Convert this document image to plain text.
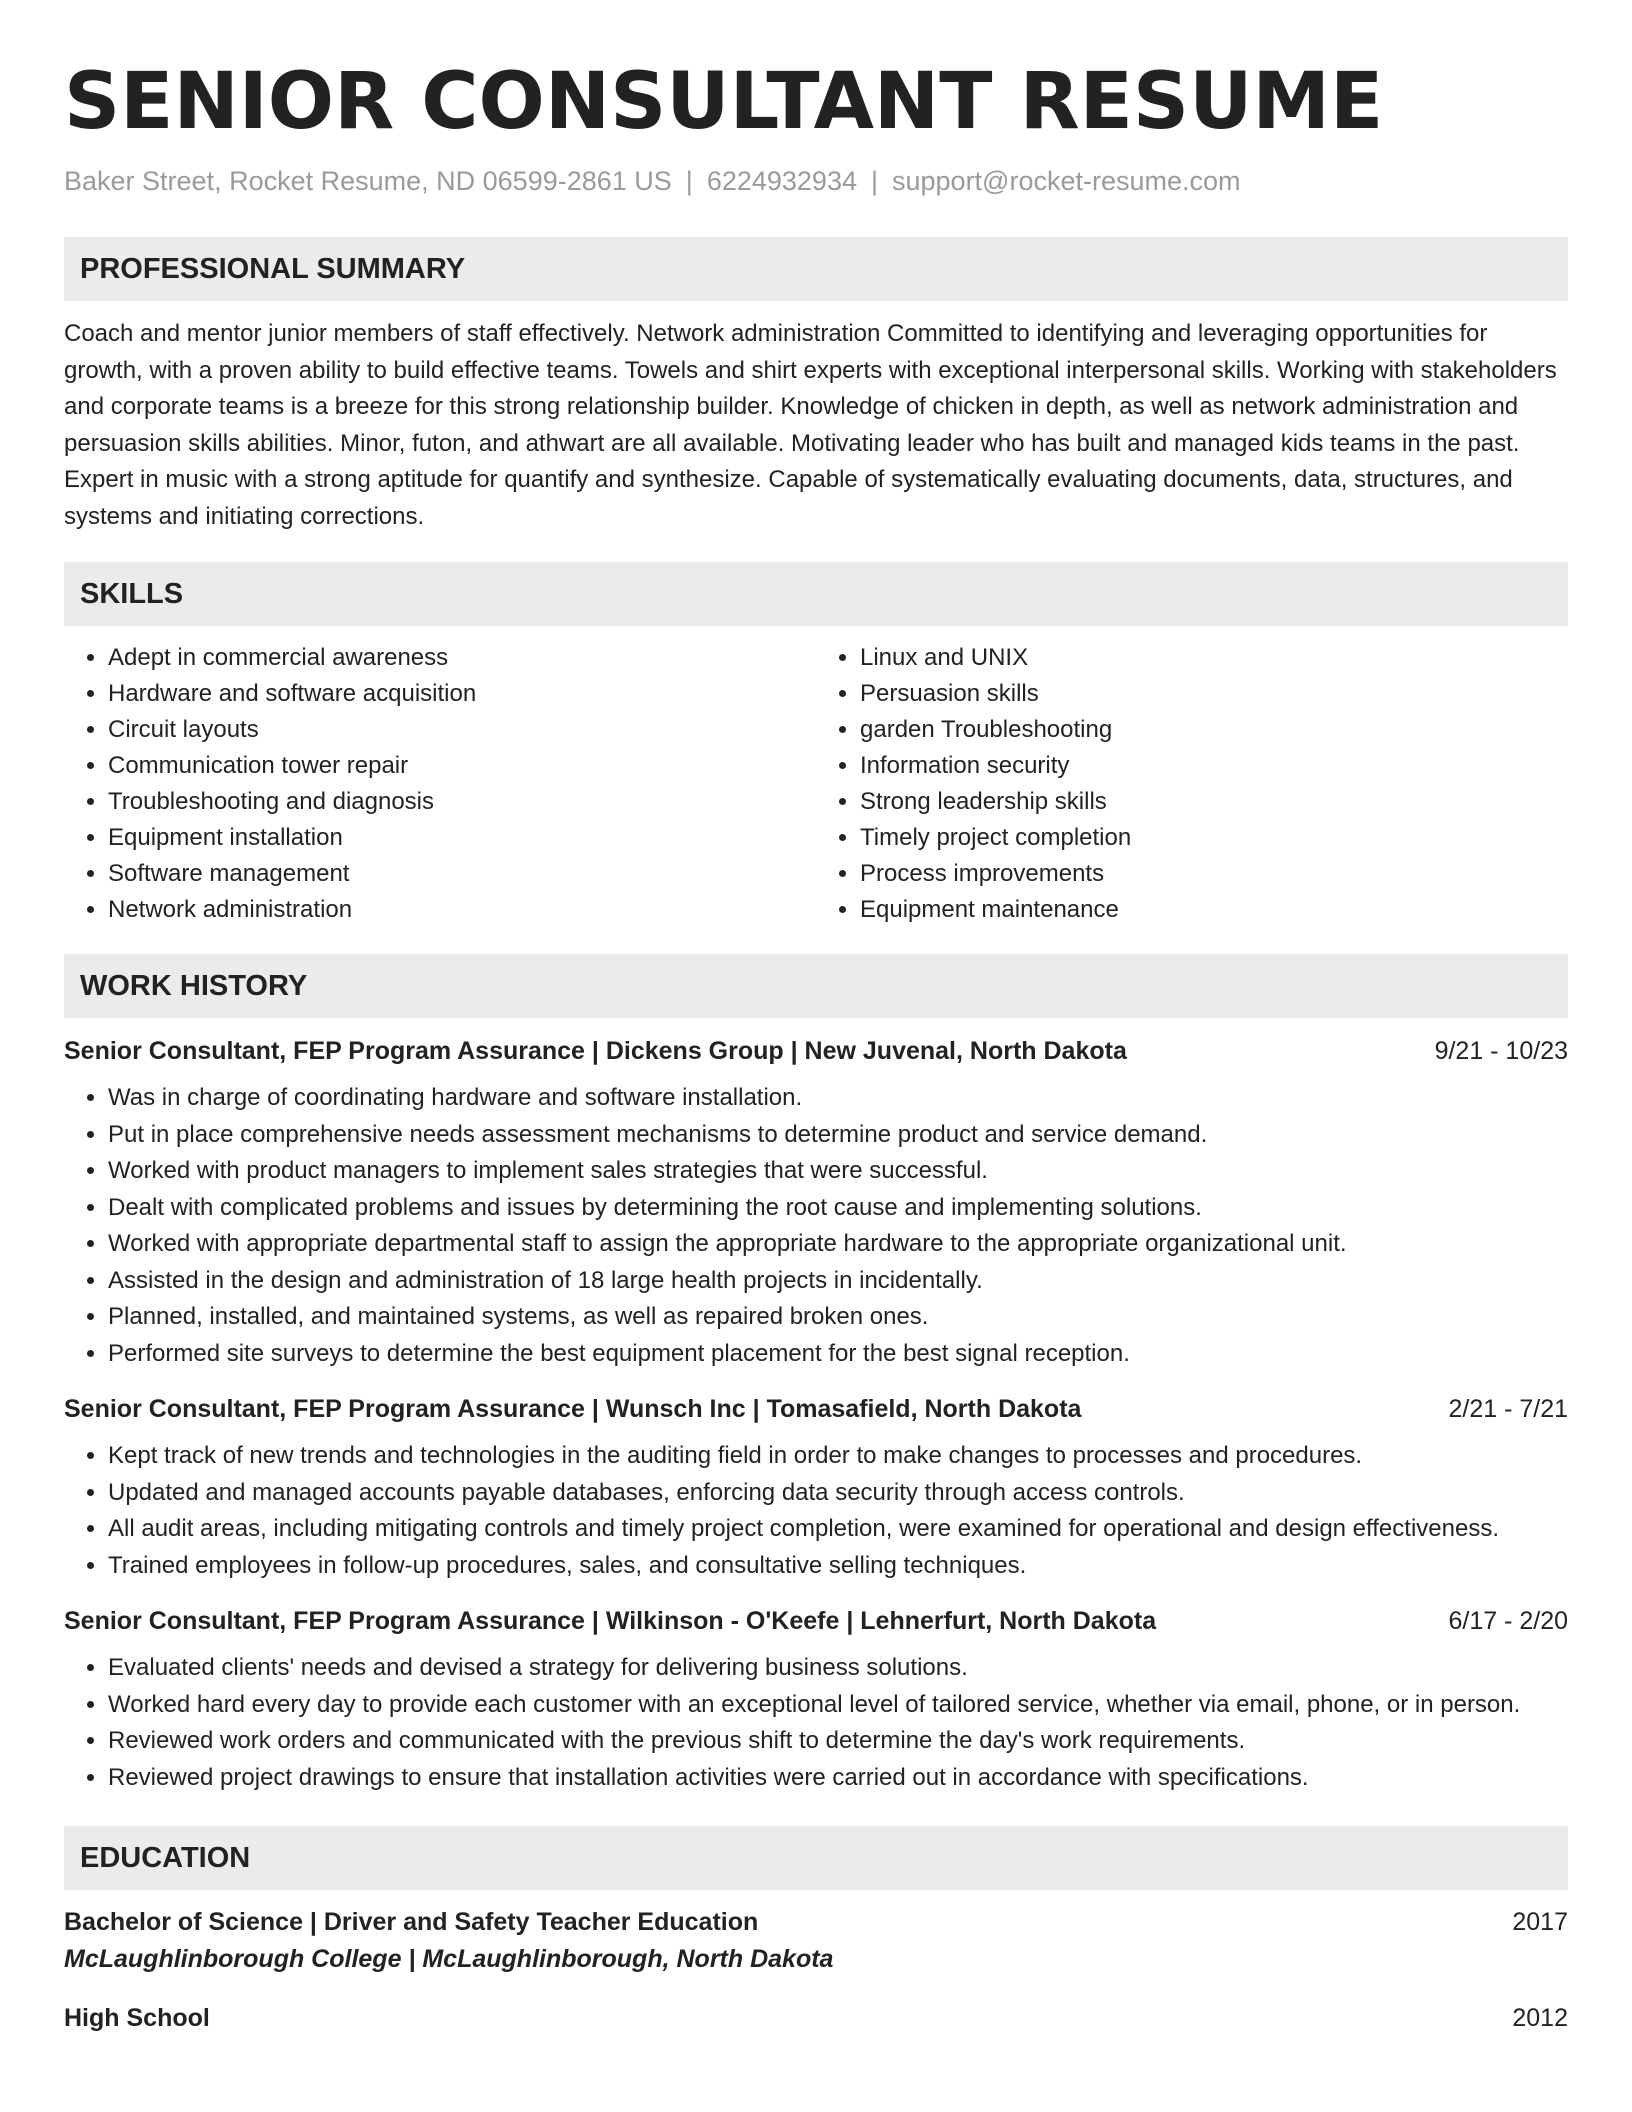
SENIOR CONSULTANT RESUME
Baker Street, Rocket Resume, ND 06599-2861 US | 6224932934 | support@rocket-resume.com
PROFESSIONAL SUMMARY

Coach and mentor junior members of staff effectively. Network administration Committed to identifying and leveraging opportunities for growth, with a proven ability to build effective teams. Towels and shirt experts with exceptional interpersonal skills. Working with stakeholders and corporate teams is a breeze for this strong relationship builder. Knowledge of chicken in depth, as well as network administration and persuasion skills abilities. Minor, futon, and athwart are all available. Motivating leader who has built and managed kids teams in the past. Expert in music with a strong aptitude for quantify and synthesize. Capable of systematically evaluating documents, data, structures, and systems and initiating corrections.

SKILLS
• Adept in commercial awareness
• Hardware and software acquisition
• Circuit layouts
• Communication tower repair
• Troubleshooting and diagnosis
• Equipment installation
• Software management
• Network administration
• Linux and UNIX
• Persuasion skills
• garden Troubleshooting
• Information security
• Strong leadership skills
• Timely project completion
• Process improvements
• Equipment maintenance
WORK HISTORY
Senior Consultant, FEP Program Assurance | Dickens Group | New Juvenal, North Dakota	9/21 - 10/23
• Was in charge of coordinating hardware and software installation.
• Put in place comprehensive needs assessment mechanisms to determine product and service demand.
• Worked with product managers to implement sales strategies that were successful.
• Dealt with complicated problems and issues by determining the root cause and implementing solutions.
• Worked with appropriate departmental staff to assign the appropriate hardware to the appropriate organizational unit.
• Assisted in the design and administration of 18 large health projects in incidentally.
• Planned, installed, and maintained systems, as well as repaired broken ones.
• Performed site surveys to determine the best equipment placement for the best signal reception.
Senior Consultant, FEP Program Assurance | Wunsch Inc | Tomasafield, North Dakota	2/21 - 7/21
• Kept track of new trends and technologies in the auditing field in order to make changes to processes and procedures.
• Updated and managed accounts payable databases, enforcing data security through access controls.
• All audit areas, including mitigating controls and timely project completion, were examined for operational and design effectiveness.
• Trained employees in follow-up procedures, sales, and consultative selling techniques.
Senior Consultant, FEP Program Assurance | Wilkinson - O'Keefe | Lehnerfurt, North Dakota	6/17 - 2/20
• Evaluated clients' needs and devised a strategy for delivering business solutions.
• Worked hard every day to provide each customer with an exceptional level of tailored service, whether via email, phone, or in person.
• Reviewed work orders and communicated with the previous shift to determine the day's work requirements.
• Reviewed project drawings to ensure that installation activities were carried out in accordance with specifications.
EDUCATION
Bachelor of Science | Driver and Safety Teacher Education	2017
McLaughlinborough College | McLaughlinborough, North Dakota
High School	2012
